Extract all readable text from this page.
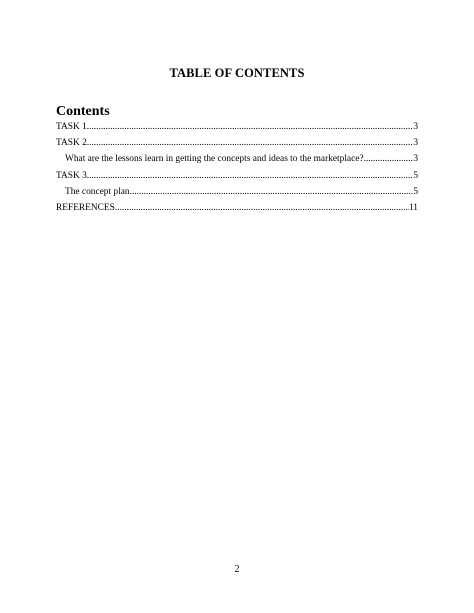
TABLE OF CONTENTS
Contents
TASK 1 .....	3
TASK 2 .....	3
What are the lessons learn in getting the concepts and ideas to the marketplace? .....	3
TASK 3 .....	5
The concept plan .....	5
REFERENCES .....	11
2
